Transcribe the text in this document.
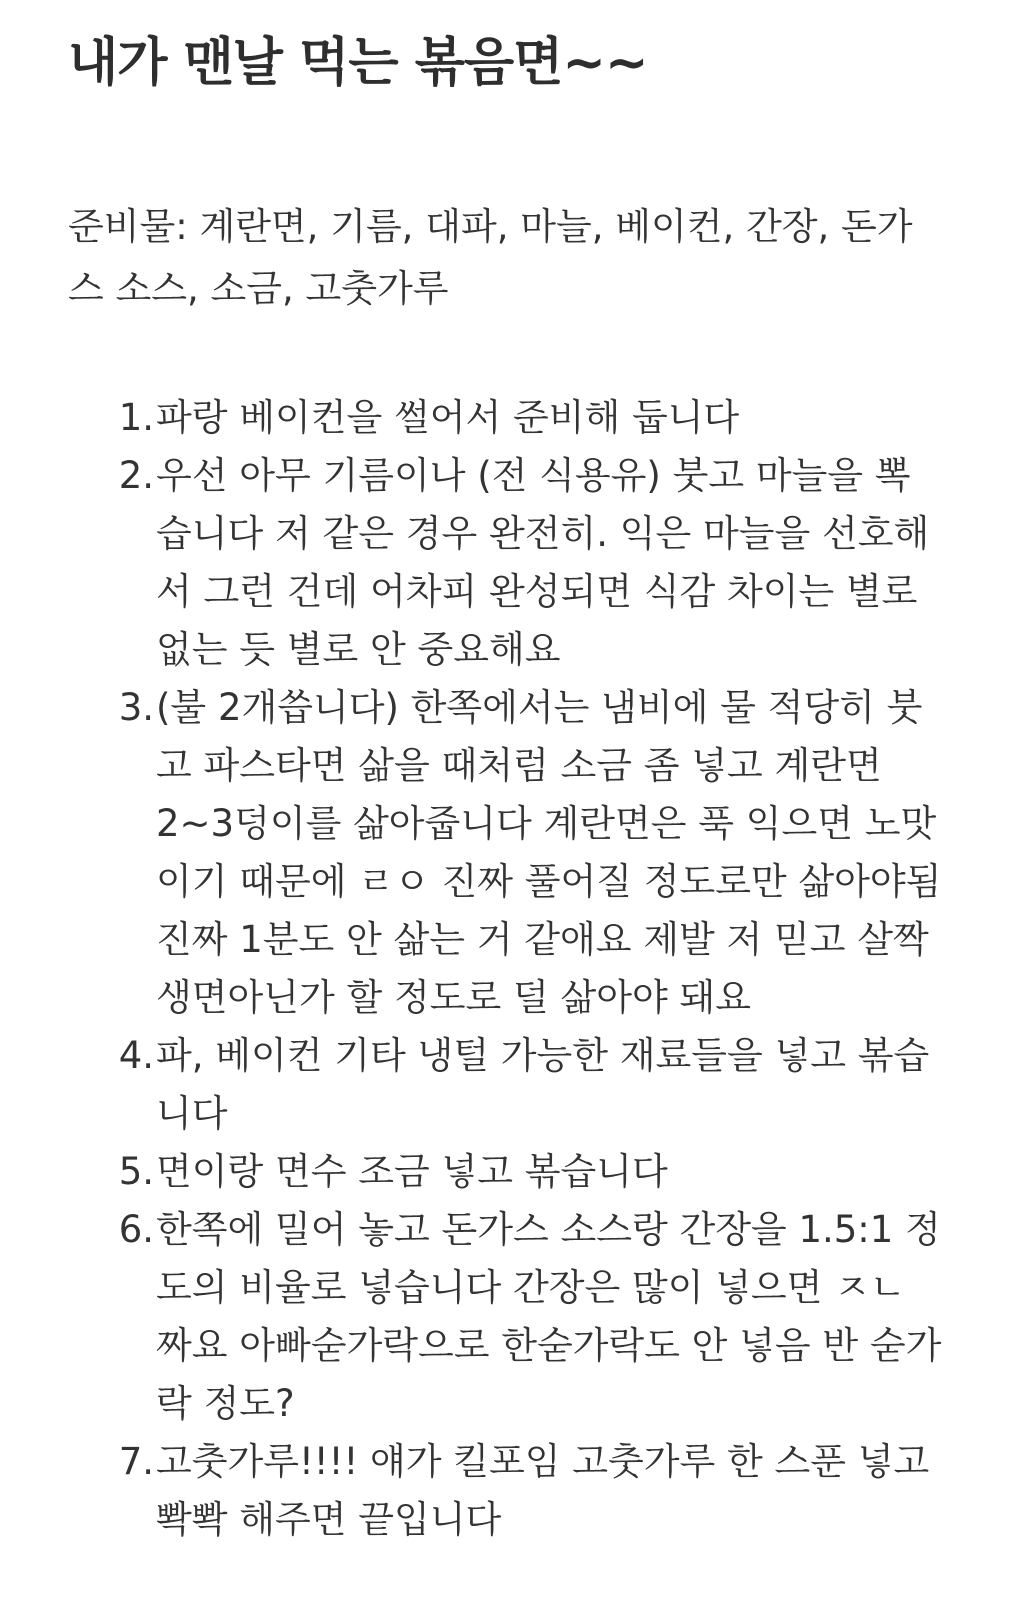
내가 맨날 먹는 볶음면~~

준비물: 계란면, 기름, 대파, 마늘, 베이컨, 간장, 돈가스 소스, 소금, 고춧가루

1. 파랑 베이컨을 썰어서 준비해 둡니다
2. 우선 아무 기름이나 (전 식용유) 붓고 마늘을 뽁습니다 저 같은 경우 완전히. 익은 마늘을 선호해서 그런 건데 어차피 완성되면 식감 차이는 별로 없는 듯 별로 안 중요해요
3. (불 2개씁니다) 한쪽에서는 냄비에 물 적당히 붓고 파스타면 삶을 때처럼 소금 좀 넣고 계란면 2~3덩이를 삶아줍니다 계란면은 푹 익으면 노맛이기 때문에 ㄹㅇ 진짜 풀어질 정도로만 삶아야됨 진짜 1분도 안 삶는 거 같애요 제발 저 믿고 살짝 생면아닌가 할 정도로 덜 삶아야 돼요
4. 파, 베이컨 기타 냉털 가능한 재료들을 넣고 볶습니다
5. 면이랑 면수 조금 넣고 볶습니다
6. 한쪽에 밀어 놓고 돈가스 소스랑 간장을 1.5:1 정도의 비율로 넣습니다 간장은 많이 넣으면 ㅈㄴ 짜요 아빠숟가락으로 한숟가락도 안 넣음 반 숟가락 정도?
7. 고춧가루!!!! 얘가 킬포임 고춧가루 한 스푼 넣고 뽝뽝 해주면 끝입니다
